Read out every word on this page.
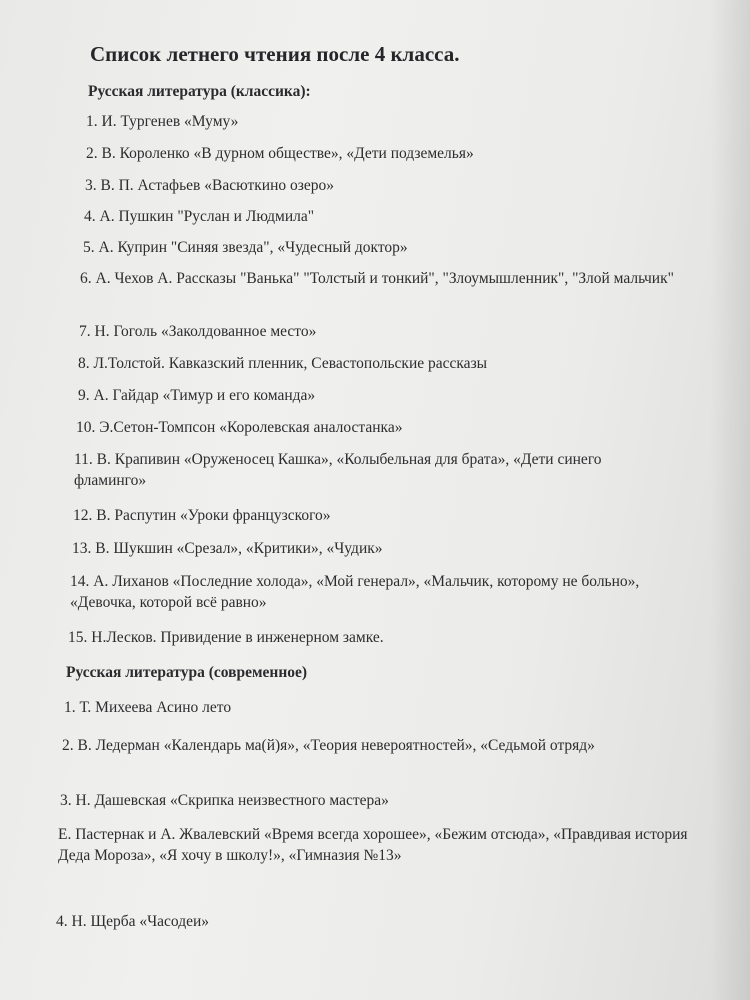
Список летнего чтения после 4 класса.
Русская литература (классика):
1. И. Тургенев «Муму»
2. В. Короленко «В дурном обществе», «Дети подземелья»
3. В. П. Астафьев «Васюткино озеро»
4. А. Пушкин "Руслан и Людмила"
5. А. Куприн "Синяя звезда", «Чудесный доктор»
6. А. Чехов А. Рассказы "Ванька" "Толстый и тонкий", "Злоумышленник", "Злой мальчик"
7. Н. Гоголь «Заколдованное место»
8. Л.Толстой. Кавказский пленник, Севастопольские рассказы
9. А. Гайдар «Тимур и его команда»
10. Э.Сетон-Томпсон «Королевская аналостанка»
11. В. Крапивин «Оруженосец Кашка», «Колыбельная для брата», «Дети синего фламинго»
12. В. Распутин «Уроки французского»
13. В. Шукшин «Срезал», «Критики», «Чудик»
14. А. Лиханов «Последние холода», «Мой генерал», «Мальчик, которому не больно», «Девочка, которой всё равно»
15. Н.Лесков. Привидение в инженерном замке.
Русская литература (современное)
1. Т. Михеева Асино лето
2. В. Ледерман «Календарь ма(й)я», «Теория невероятностей», «Седьмой отряд»
3. Н. Дашевская «Скрипка неизвестного мастера»
Е. Пастернак и А. Жвалевский «Время всегда хорошее», «Бежим отсюда», «Правдивая история Деда Мороза», «Я хочу в школу!», «Гимназия №13»
4. Н. Щерба «Часодеи»
